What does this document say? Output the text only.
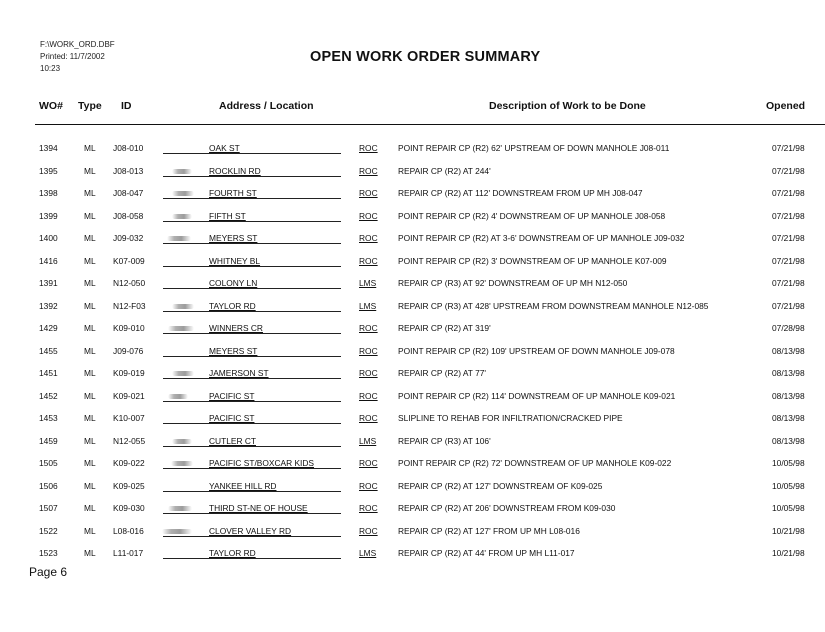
F:\WORK_ORD.DBF
Printed: 11/7/2002
10:23
OPEN WORK ORDER SUMMARY
WO# Type ID	Address / Location	Description of Work to be Done	Opened
1394	ML J08-010	OAK ST	ROC POINT REPAIR CP (R2) 62' UPSTREAM OF DOWN MANHOLE J08-011	07/21/98
1395	ML J08-013	ROCKLIN RD	ROC REPAIR CP (R2) AT 244'	07/21/98
1398	ML J08-047	FOURTH ST	ROC REPAIR CP (R2) AT 112' DOWNSTREAM FROM UP MH J08-047	07/21/98
1399	ML J08-058	FIFTH ST	ROC POINT REPAIR CP (R2) 4' DOWNSTREAM OF UP MANHOLE J08-058	07/21/98
1400	ML J09-032	MEYERS ST	ROC POINT REPAIR CP (R2) AT 3-6' DOWNSTREAM OF UP MANHOLE J09-032	07/21/98
1416	ML K07-009	WHITNEY BL	ROC POINT REPAIR CP (R2) 3' DOWNSTREAM OF UP MANHOLE K07-009	07/21/98
1391	ML N12-050	COLONY LN	LMS	REPAIR CP (R3) AT 92' DOWNSTREAM OF UP MH N12-050	07/21/98
1392	ML N12-F03	TAYLOR RD	LMS	REPAIR CP (R3) AT 428' UPSTREAM FROM DOWNSTREAM MANHOLE N12-085	07/21/98
1429	ML K09-010	WINNERS CR	ROC REPAIR CP (R2) AT 319'	07/28/98
1455	ML J09-076	MEYERS ST	ROC POINT REPAIR CP (R2) 109' UPSTREAM OF DOWN MANHOLE J09-078	08/13/98
1451	ML K09-019	JAMERSON ST	ROC REPAIR CP (R2) AT 77'	08/13/98
1452	ML K09-021	PACIFIC ST	ROC POINT REPAIR CP (R2) 114' DOWNSTREAM OF UP MANHOLE K09-021	08/13/98
1453	ML K10-007	PACIFIC ST	ROC SLIPLINE TO REHAB FOR INFILTRATION/CRACKED PIPE	08/13/98
1459	ML N12-055	CUTLER CT	LMS	REPAIR CP (R3) AT 106'	08/13/98
1505	ML K09-022	PACIFIC ST/BOXCAR KIDS	ROC POINT REPAIR CP (R2) 72' DOWNSTREAM OF UP MANHOLE K09-022	10/05/98
1506	ML K09-025	YANKEE HILL RD	ROC REPAIR CP (R2) AT 127' DOWNSTREAM OF K09-025	10/05/98
1507	ML K09-030	THIRD ST-NE OF HOUSE	ROC REPAIR CP (R2) AT 206' DOWNSTREAM FROM K09-030	10/05/98
1522	ML L08-016	CLOVER VALLEY RD	ROC REPAIR CP (R2) AT 127' FROM UP MH L08-016	10/21/98
1523	ML L11-017	TAYLOR RD	LMS	REPAIR CP (R2) AT 44' FROM UP MH L11-017	10/21/98
Page 6
